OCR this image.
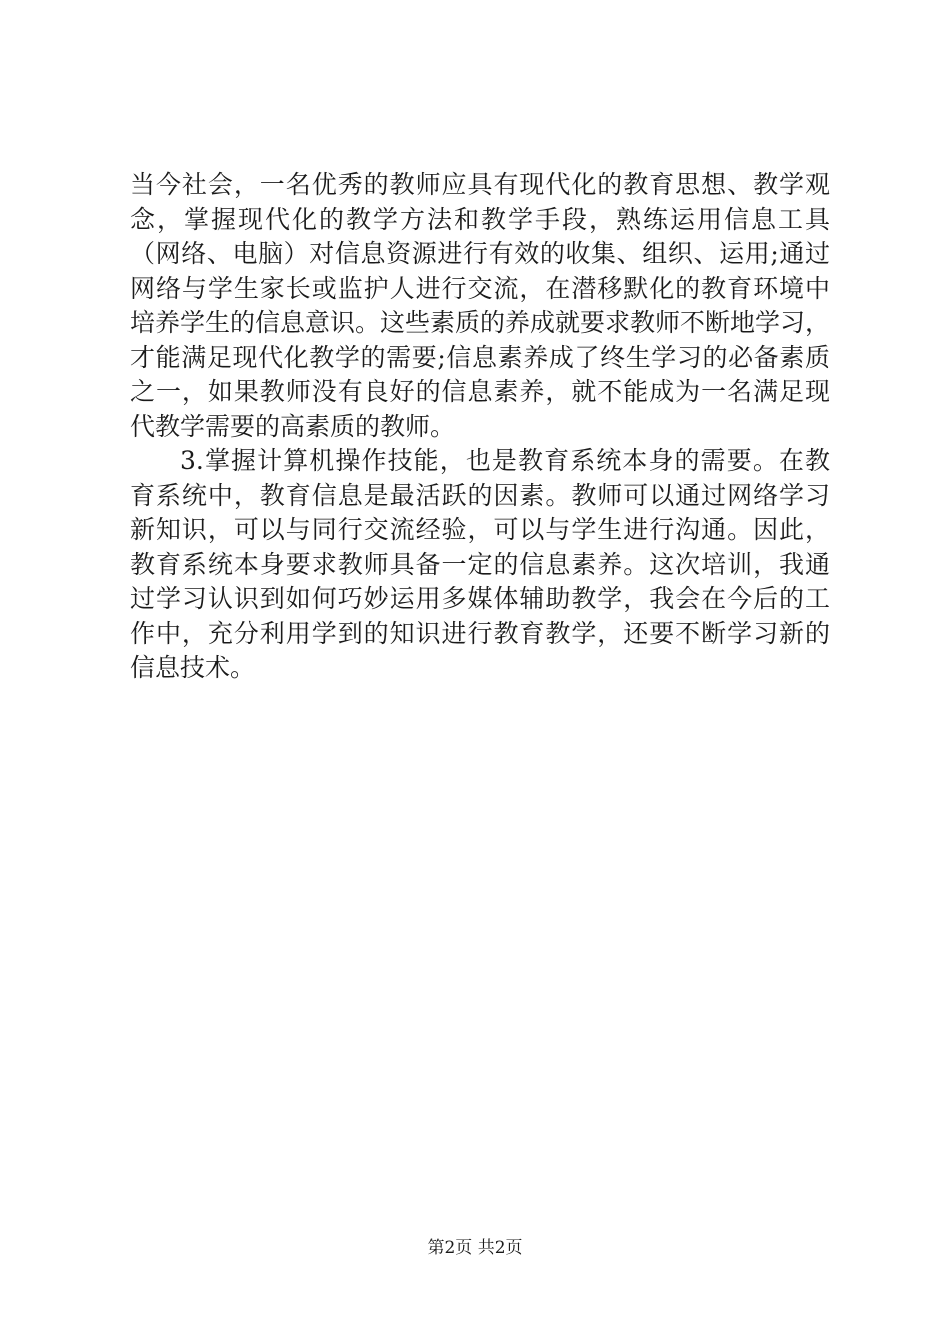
当今社会，一名优秀的教师应具有现代化的教育思想、教学观
念，掌握现代化的教学方法和教学手段，熟练运用信息工具
（网络、电脑）对信息资源进行有效的收集、组织、运用;通过
网络与学生家长或监护人进行交流，在潜移默化的教育环境中
培养学生的信息意识。这些素质的养成就要求教师不断地学习，
才能满足现代化教学的需要;信息素养成了终生学习的必备素质
之一，如果教师没有良好的信息素养，就不能成为一名满足现
代教学需要的高素质的教师。
3.掌握计算机操作技能，也是教育系统本身的需要。在教
育系统中，教育信息是最活跃的因素。教师可以通过网络学习
新知识，可以与同行交流经验，可以与学生进行沟通。因此，
教育系统本身要求教师具备一定的信息素养。这次培训，我通
过学习认识到如何巧妙运用多媒体辅助教学，我会在今后的工
作中，充分利用学到的知识进行教育教学，还要不断学习新的
信息技术。
第2页 共2页
